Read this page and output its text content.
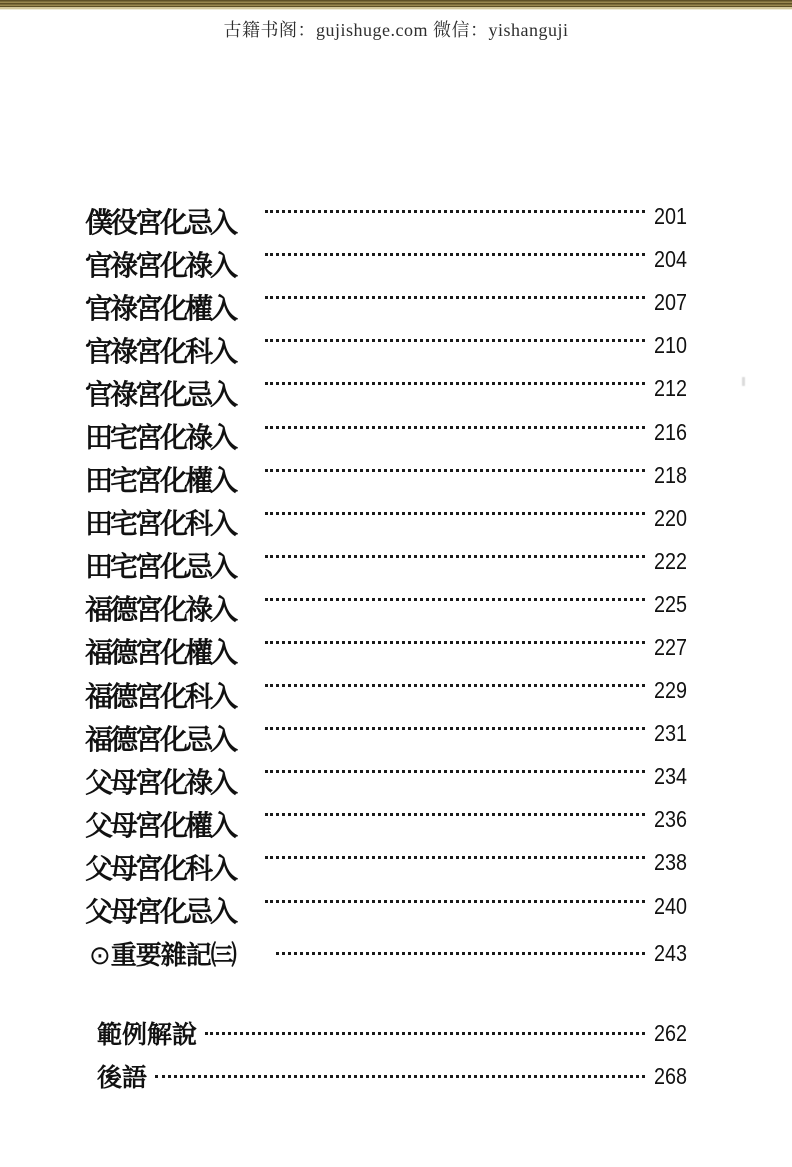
古籍书阁：gujishuge.com 微信：yishanguji
僕役宮化忌入	201
官祿宮化祿入	204
官祿宮化權入	207
官祿宮化科入	210
官祿宮化忌入	212
田宅宮化祿入	216
田宅宮化權入	218
田宅宮化科入	220
田宅宮化忌入	222
福德宮化祿入	225
福德宮化權入	227
福德宮化科入	229
福德宮化忌入	231
父母宮化祿入	234
父母宮化權入	236
父母宮化科入	238
父母宮化忌入	240
⊙重要雜記㈢	243
範例解說	262
後語	268
